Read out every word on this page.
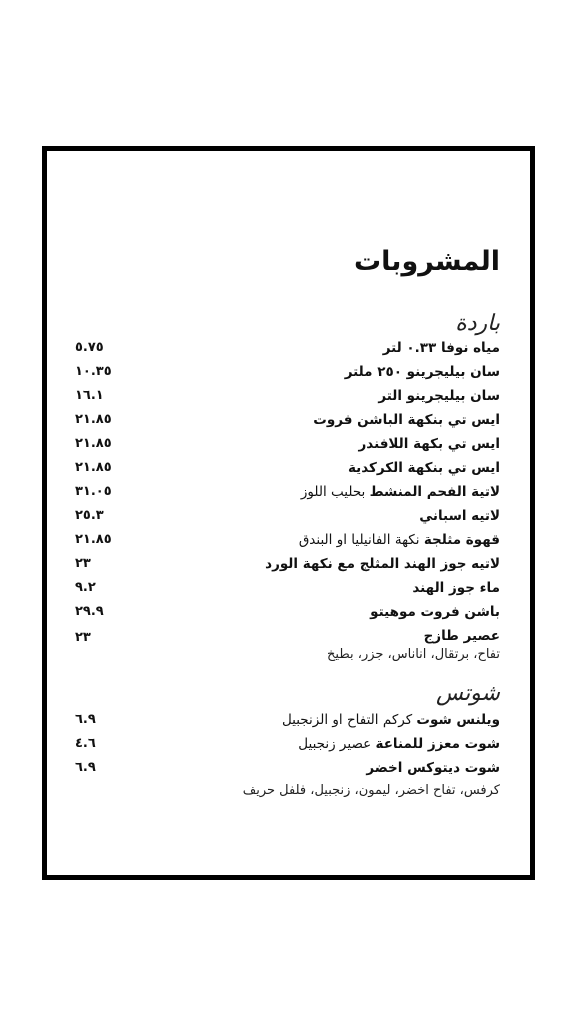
المشروبات
باردة
مياه نوفا ٠.٣٣ لتر
٥.٧٥
سان بيليجرينو ٢٥٠ ملتر
١٠.٣٥
سان بيليجرينو التر
١٦.١
ايس تي بنكهة الباشن فروت
٢١.٨٥
ايس تي بكهة اللافندر
٢١.٨٥
ايس تي بنكهة الكركدية
٢١.٨٥
لاتية الفحم المنشط بحليب اللوز
٣١.٠٥
لاتيه اسباني
٢٥.٣
قهوة مثلجة نكهة الفانيليا او البندق
٢١.٨٥
لاتيه جوز الهند المثلج مع نكهة الورد
٢٣
ماء جوز الهند
٩.٢
باشن فروت موهيتو
٢٩.٩
عصير طازج
٢٣
تفاح، برتقال، اناناس، جزر، بطيخ
شوتس
ويلنس شوت كركم التفاح او الزنجبيل
٦.٩
شوت معزز للمناعة عصير زنجبيل
٤.٦
شوت ديتوكس اخضر
٦.٩
كرفس، تفاح اخضر، ليمون، زنجبيل، فلفل حريف
